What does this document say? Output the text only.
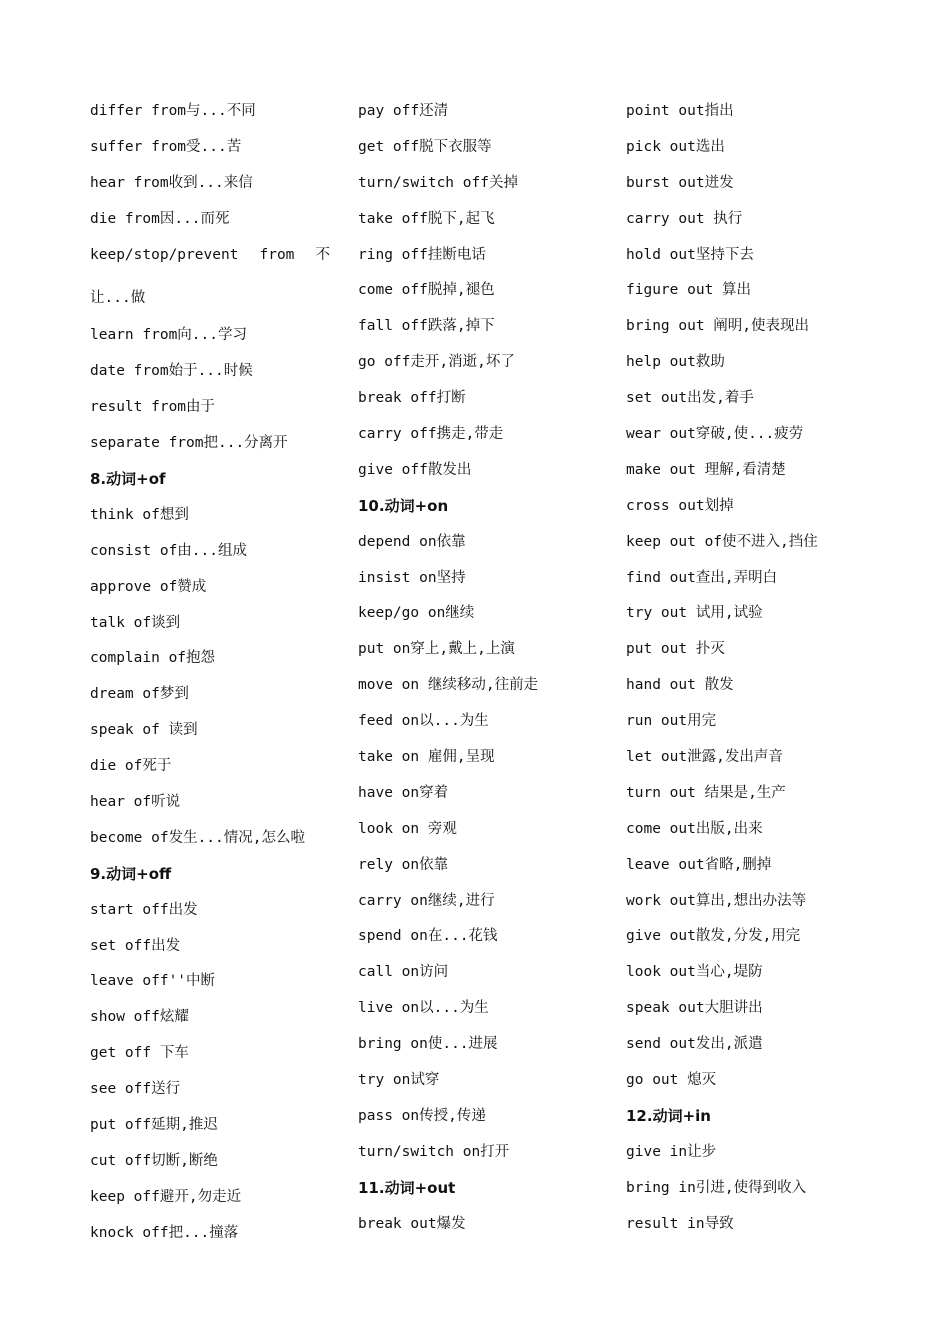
differ from与...不同
suffer from受...苦
hear from收到...来信
die from因...而死
keep/stop/prevent from 不
让...做
learn from向...学习
date from始于...时候
result from由于
separate from把...分离开
8.动词+of
think of想到
consist of由...组成
approve of赞成
talk of谈到
complain of抱怨
dream of梦到
speak of 读到
die of死于
hear of听说
become of发生...情况,怎么啦
9.动词+off
start off出发
set off出发
leave off''中断
show off炫耀
get off 下车
see off送行
put off延期,推迟
cut off切断,断绝
keep off避开,勿走近
knock off把...撞落
pay off还清
get off脱下衣服等
turn/switch off关掉
take off脱下,起飞
ring off挂断电话
come off脱掉,褪色
fall off跌落,掉下
go off走开,消逝,坏了
break off打断
carry off携走,带走
give off散发出
10.动词+on
depend on依靠
insist on坚持
keep/go on继续
put on穿上,戴上,上演
move on 继续移动,往前走
feed on以...为生
take on 雇佣,呈现
have on穿着
look on 旁观
rely on依靠
carry on继续,进行
spend on在...花钱
call on访问
live on以...为生
bring on使...进展
try on试穿
pass on传授,传递
turn/switch on打开
11.动词+out
break out爆发
point out指出
pick out选出
burst out迸发
carry out 执行
hold out坚持下去
figure out 算出
bring out 阐明,使表现出
help out救助
set out出发,着手
wear out穿破,使...疲劳
make out 理解,看清楚
cross out划掉
keep out of使不进入,挡住
find out查出,弄明白
try out 试用,试验
put out 扑灭
hand out 散发
run out用完
let out泄露,发出声音
turn out 结果是,生产
come out出版,出来
leave out省略,删掉
work out算出,想出办法等
give out散发,分发,用完
look out当心,堤防
speak out大胆讲出
send out发出,派遣
go out 熄灭
12.动词+in
give in让步
bring in引进,使得到收入
result in导致
